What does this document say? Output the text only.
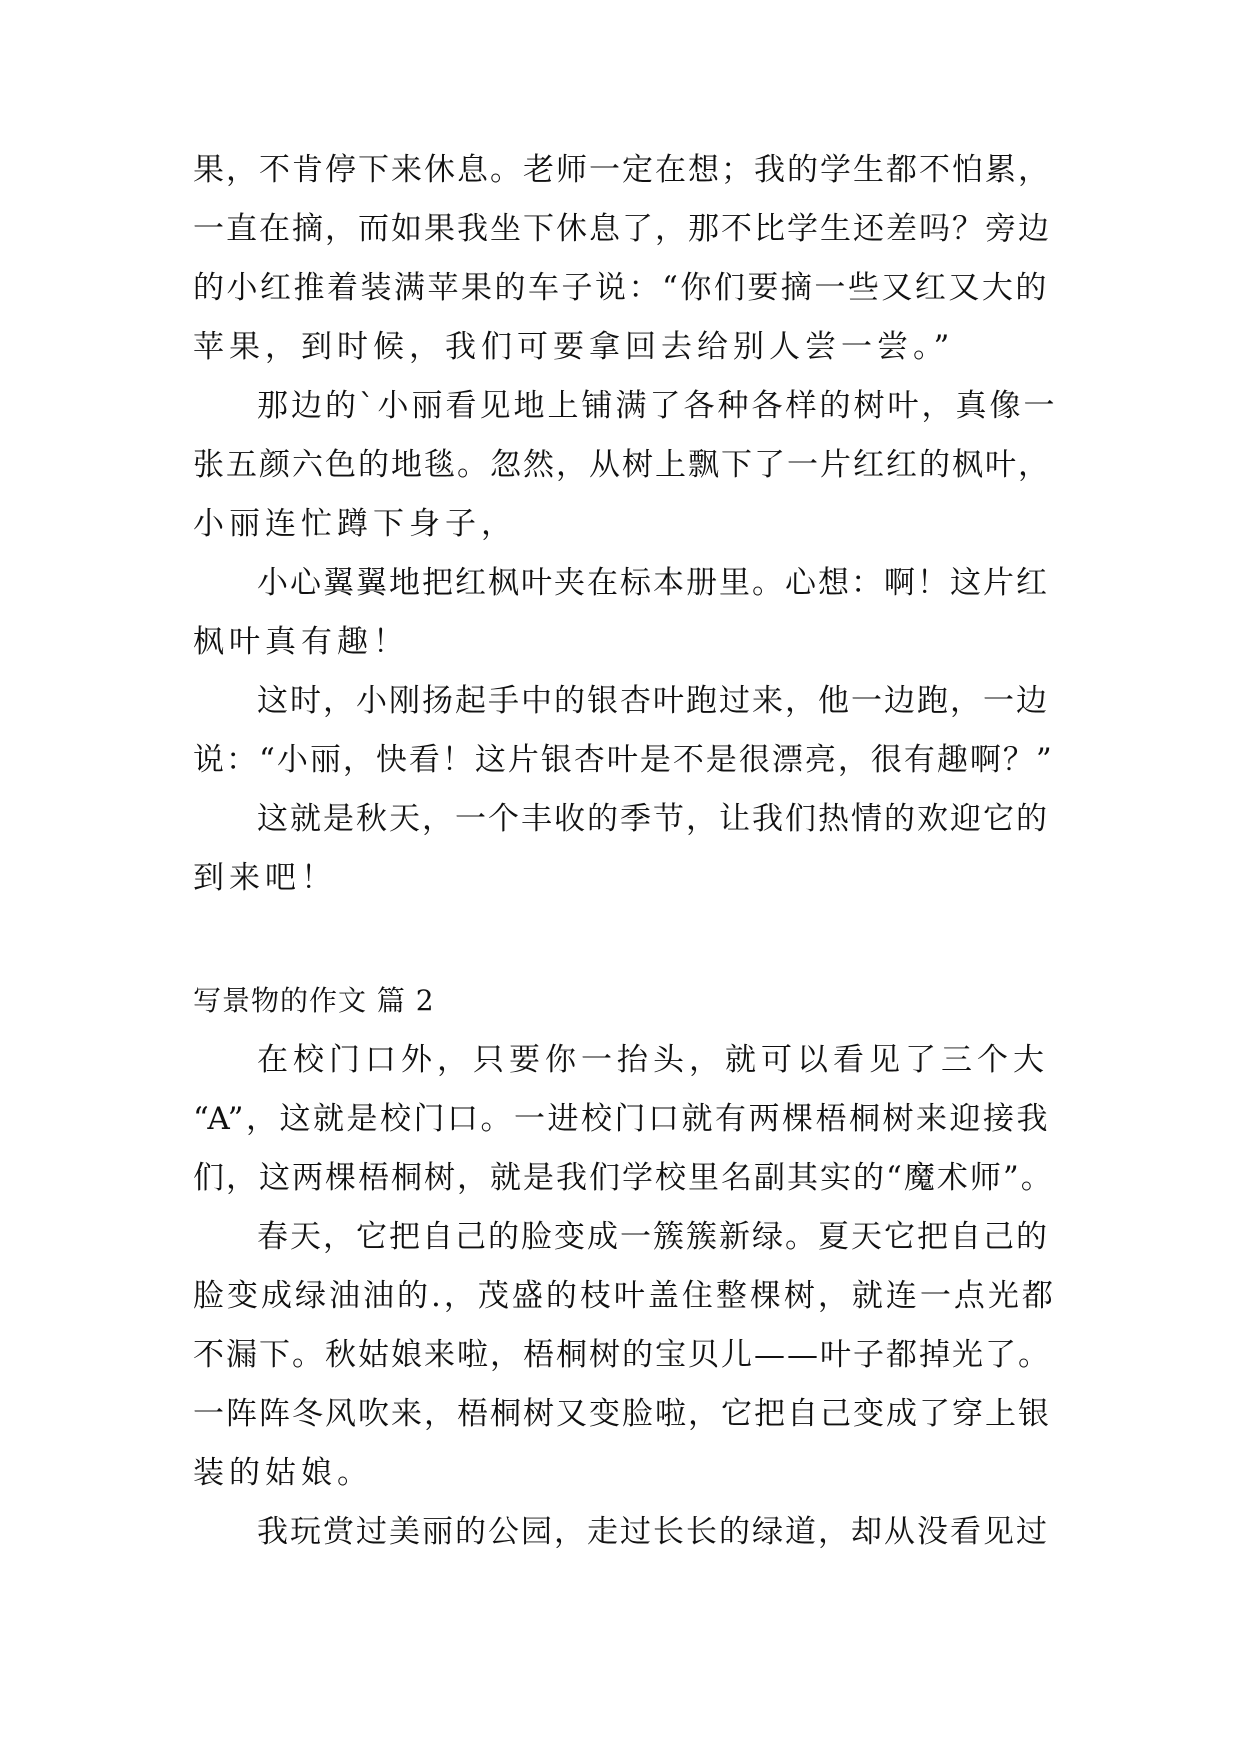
果，不肯停下来休息。老师一定在想；我的学生都不怕累，
一直在摘，而如果我坐下休息了，那不比学生还差吗？旁边
的小红推着装满苹果的车子说：“你们要摘一些又红又大的
苹果，到时候，我们可要拿回去给别人尝一尝。”
那边的`小丽看见地上铺满了各种各样的树叶，真像一
张五颜六色的地毯。忽然，从树上飘下了一片红红的枫叶，
小丽连忙蹲下身子，
小心翼翼地把红枫叶夹在标本册里。心想：啊！这片红
枫叶真有趣！
这时，小刚扬起手中的银杏叶跑过来，他一边跑，一边
说：“小丽，快看！这片银杏叶是不是很漂亮，很有趣啊？”
这就是秋天，一个丰收的季节，让我们热情的欢迎它的
到来吧！
写景物的作文 篇 2
在校门口外，只要你一抬头，就可以看见了三个大
“A”，这就是校门口。一进校门口就有两棵梧桐树来迎接我
们，这两棵梧桐树，就是我们学校里名副其实的“魔术师”。
春天，它把自己的脸变成一簇簇新绿。夏天它把自己的
脸变成绿油油的.，茂盛的枝叶盖住整棵树，就连一点光都
不漏下。秋姑娘来啦，梧桐树的宝贝儿——叶子都掉光了。
一阵阵冬风吹来，梧桐树又变脸啦，它把自己变成了穿上银
装的姑娘。
我玩赏过美丽的公园，走过长长的绿道，却从没看见过
